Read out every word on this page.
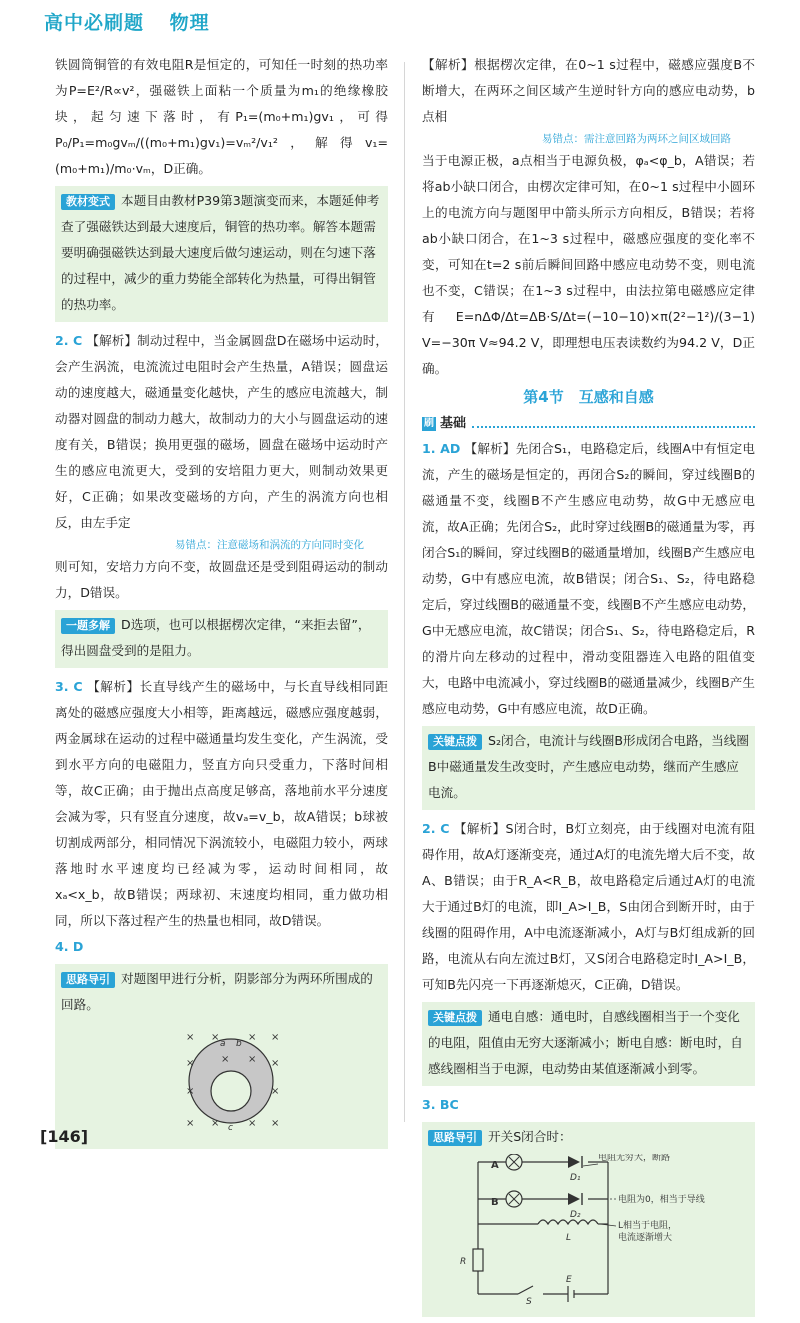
高中必刷题 物理

铁圆筒铜管的有效电阻R是恒定的，可知任一时刻的热功率为P=E²/R∝v²，强磁铁上面粘一个质量为m₁的绝缘橡胶块，起匀速下落时，有P₁=(m₀+m₁)gv₁，可得P₀/P₁=m₀gvₘ/((m₀+m₁)gv₁)=vₘ²/v₁²，解得v₁=(m₀+m₁)/m₀·vₘ，D正确。

教材变式 本题目由教材P39第3题演变而来，本题延伸考查了强磁铁达到最大速度后，铜管的热功率。解答本题需要明确强磁铁达到最大速度后做匀速运动，则在匀速下落的过程中，减少的重力势能全部转化为热量，可得出铜管的热功率。

2. C 【解析】制动过程中，当金属圆盘D在磁场中运动时，会产生涡流，电流流过电阻时会产生热量，A错误；圆盘运动的速度越大，磁通量变化越快，产生的感应电流越大，制动器对圆盘的制动力越大，故制动力的大小与圆盘运动的速度有关，B错误；换用更强的磁场，圆盘在磁场中运动时产生的感应电流更大，受到的安培阻力更大，则制动效果更好，C正确；如果改变磁场的方向，产生的涡流方向也相反，由左手定

易错点：注意磁场和涡流的方向同时变化

则可知，安培力方向不变，故圆盘还是受到阻碍运动的制动力，D错误。

一题多解 D选项，也可以根据楞次定律，“来拒去留”，得出圆盘受到的是阻力。

3. C 【解析】长直导线产生的磁场中，与长直导线相同距离处的磁感应强度大小相等，距离越远，磁感应强度越弱，两金属球在运动的过程中磁通量均发生变化，产生涡流，受到水平方向的电磁阻力，竖直方向只受重力，下落时间相等，故C正确；由于抛出点高度足够高，落地前水平分速度会减为零，只有竖直分速度，故vₐ=v_b，故A错误；b球被切割成两部分，相同情况下涡流较小，电磁阻力较小，两球落地时水平速度均已经减为零，运动时间相同，故xₐ<x_b，故B错误；两球初、末速度均相同，重力做功相同，所以下落过程产生的热量也相同，故D错误。

4. D

思路导引 对题图甲进行分析，阴影部分为两环所围成的回路。
× ×	× ×
×	× × ×
×	×
× ×	× ×
a b
c

【解析】根据楞次定律，在0~1 s过程中，磁感应强度B不断增大，在两环之间区域产生逆时针方向的感应电动势，b点相

易错点：需注意回路为两环之间区域回路

当于电源正极，a点相当于电源负极，φₐ<φ_b，A错误；若将ab小缺口闭合，由楞次定律可知，在0~1 s过程中小圆环上的电流方向与题图甲中箭头所示方向相反，B错误；若将ab小缺口闭合，在1~3 s过程中，磁感应强度的变化率不变，可知在t=2 s前后瞬间回路中感应电动势不变，则电流也不变，C错误；在1~3 s过程中，由法拉第电磁感应定律有E=nΔΦ/Δt=ΔB·S/Δt=(−10−10)×π(2²−1²)/(3−1) V=−30π V≈94.2 V，即理想电压表读数约为94.2 V，D正确。

第4节　互感和自感
刷 基础

1. AD 【解析】先闭合S₁，电路稳定后，线圈A中有恒定电流，产生的磁场是恒定的，再闭合S₂的瞬间，穿过线圈B的磁通量不变，线圈B不产生感应电动势，故G中无感应电流，故A正确；先闭合S₂，此时穿过线圈B的磁通量为零，再闭合S₁的瞬间，穿过线圈B的磁通量增加，线圈B产生感应电动势，G中有感应电流，故B错误；闭合S₁、S₂，待电路稳定后，穿过线圈B的磁通量不变，线圈B不产生感应电动势，G中无感应电流，故C错误；闭合S₁、S₂，待电路稳定后，R的滑片向左移动的过程中，滑动变阻器连入电路的阻值变大，电路中电流减小，穿过线圈B的磁通量减少，线圈B产生感应电动势，G中有感应电流，故D正确。

关键点拨 S₂闭合，电流计与线圈B形成闭合电路，当线圈B中磁通量发生改变时，产生感应电动势，继而产生感应电流。

2. C 【解析】S闭合时，B灯立刻亮，由于线圈对电流有阻碍作用，故A灯逐渐变亮，通过A灯的电流先增大后不变，故A、B错误；由于R_A<R_B，故电路稳定后通过A灯的电流大于通过B灯的电流，即I_A>I_B，S由闭合到断开时，由于线圈的阻碍作用，A中电流逐渐减小，A灯与B灯组成新的回路，电流从右向左流过B灯，又S闭合电路稳定时I_A>I_B，可知B先闪亮一下再逐渐熄灭，C正确，D错误。

关键点拨 通电自感：通电时，自感线圈相当于一个变化的电阻，阻值由无穷大逐渐减小；断电自感：断电时，自感线圈相当于电源，电动势由某值逐渐减小到零。

3. BC

思路导引 开关S闭合时：
A
B
D₁
D₂
L
R
E
S
电阻无穷大，断路
电阻为0，相当于导线
L相当于电阻，
电流逐渐增大
[146]
